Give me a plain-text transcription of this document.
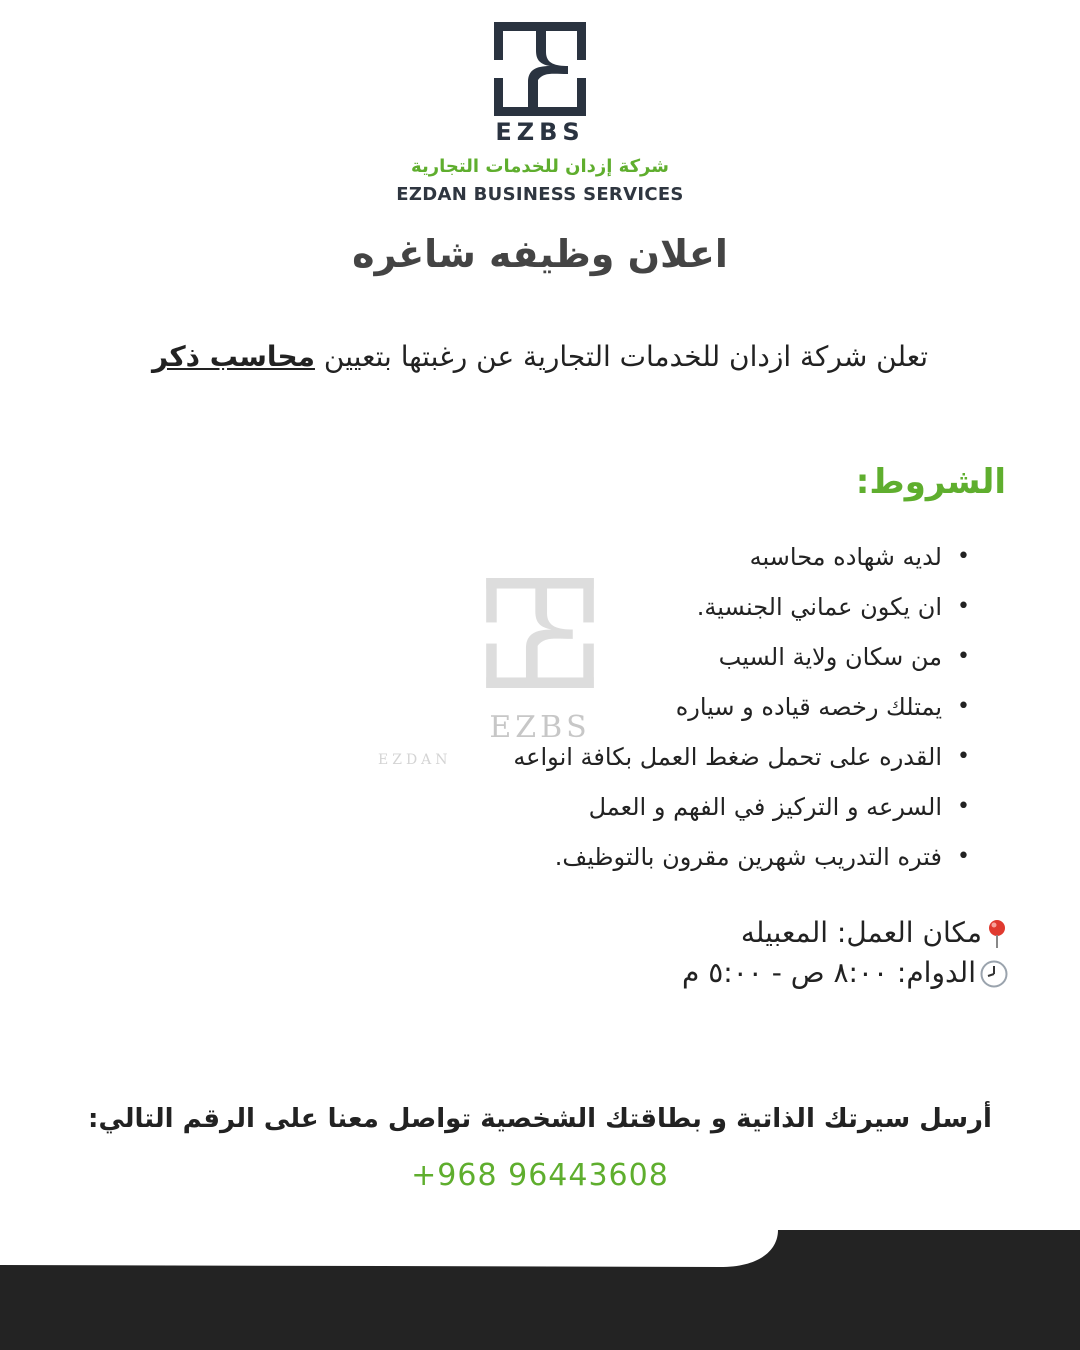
EZBS
شركة إزدان للخدمات التجارية
EZDAN BUSINESS SERVICES
اعلان وظيفه شاغره
تعلن شركة ازدان للخدمات التجارية عن رغبتها بتعيين محاسب ذكر
EZBS
EZDAN
الشروط:
•
لديه شهاده محاسبه
•
ان يكون عماني الجنسية.
•
من سكان ولاية السيب
•
يمتلك رخصه قياده و سياره
•
القدره على تحمل ضغط العمل بكافة انواعه
•
السرعه و التركيز في الفهم و العمل
•
فتره التدريب شهرين مقرون بالتوظيف.
مكان العمل: المعبيله
الدوام: ٨:٠٠ ص - ٥:٠٠ م
أرسل سيرتك الذاتية و بطاقتك الشخصية تواصل معنا على الرقم التالي:
+968 96443608
